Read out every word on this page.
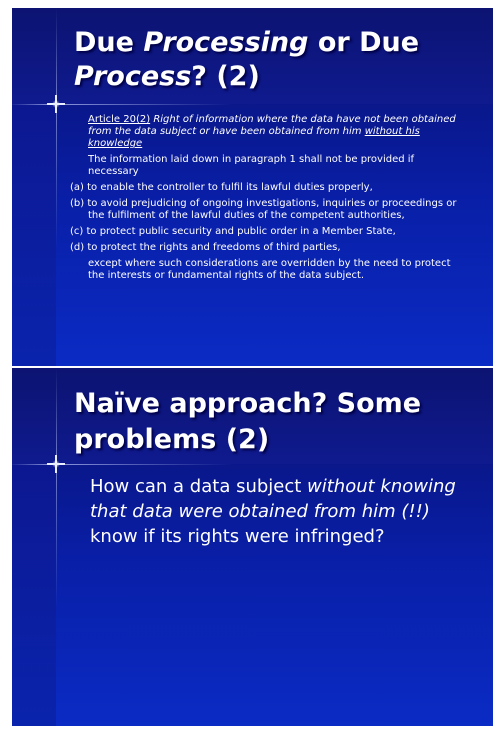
Due Processing or Due
Process? (2)

Article 20(2) Right of information where the data have not been obtained from the data subject or have been obtained from him without his knowledge

The information laid down in paragraph 1 shall not be provided if necessary

(a) to enable the controller to fulfil its lawful duties properly,

(b) to avoid prejudicing of ongoing investigations, inquiries or proceedings or the fulfilment of the lawful duties of the competent authorities,

(c) to protect public security and public order in a Member State,

(d) to protect the rights and freedoms of third parties,

except where such considerations are overridden by the need to protect the interests or fundamental rights of the data subject.

Naïve approach? Some
problems (2)
How can a data subject without knowing that data were obtained from him (!!) know if its rights were infringed?
